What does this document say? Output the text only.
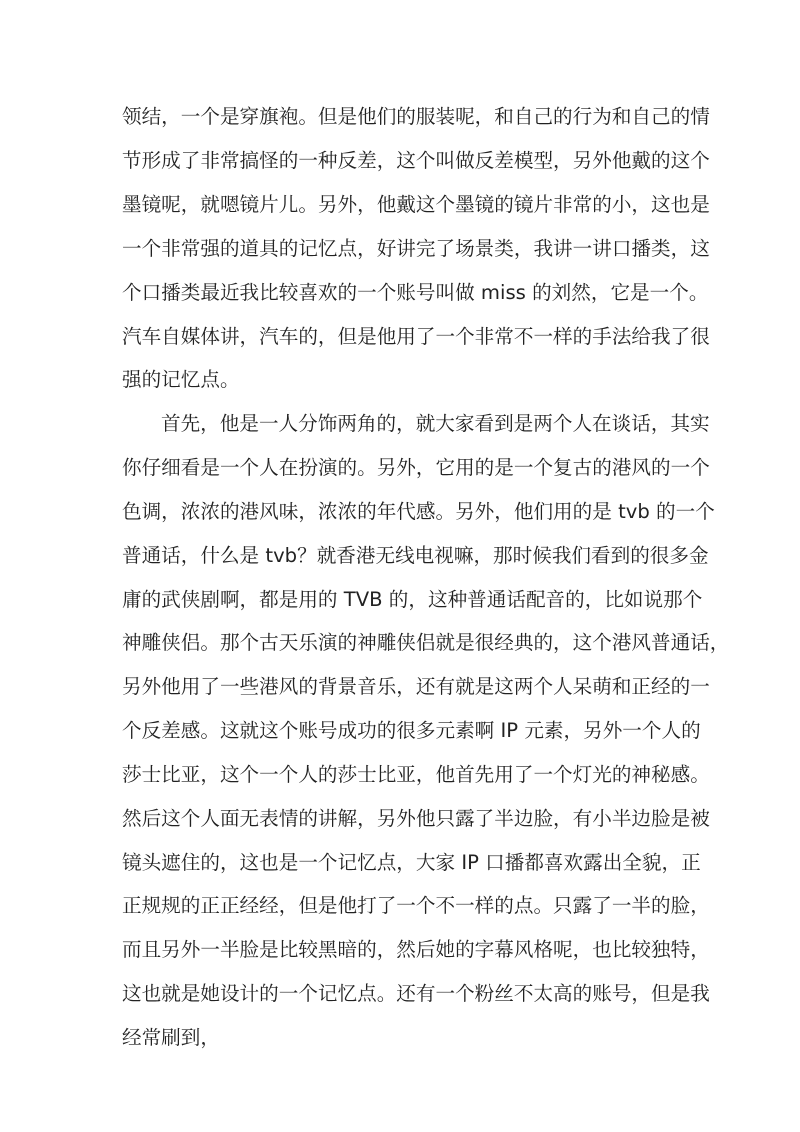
领结，一个是穿旗袍。但是他们的服装呢，和自己的行为和自己的情

节形成了非常搞怪的一种反差，这个叫做反差模型，另外他戴的这个

墨镜呢，就嗯镜片儿。另外，他戴这个墨镜的镜片非常的小，这也是

一个非常强的道具的记忆点，好讲完了场景类，我讲一讲口播类，这

个口播类最近我比较喜欢的一个账号叫做 miss 的刘然，它是一个。

汽车自媒体讲，汽车的，但是他用了一个非常不一样的手法给我了很

强的记忆点。

首先，他是一人分饰两角的，就大家看到是两个人在谈话，其实

你仔细看是一个人在扮演的。另外，它用的是一个复古的港风的一个

色调，浓浓的港风味，浓浓的年代感。另外，他们用的是 tvb 的一个

普通话，什么是 tvb？就香港无线电视嘛，那时候我们看到的很多金

庸的武侠剧啊，都是用的 TVB 的，这种普通话配音的，比如说那个

神雕侠侣。那个古天乐演的神雕侠侣就是很经典的，这个港风普通话，

另外他用了一些港风的背景音乐，还有就是这两个人呆萌和正经的一

个反差感。这就这个账号成功的很多元素啊 IP 元素，另外一个人的

莎士比亚，这个一个人的莎士比亚，他首先用了一个灯光的神秘感。

然后这个人面无表情的讲解，另外他只露了半边脸，有小半边脸是被

镜头遮住的，这也是一个记忆点，大家 IP 口播都喜欢露出全貌，正

正规规的正正经经，但是他打了一个不一样的点。只露了一半的脸，

而且另外一半脸是比较黑暗的，然后她的字幕风格呢，也比较独特，

这也就是她设计的一个记忆点。还有一个粉丝不太高的账号，但是我

经常刷到，
